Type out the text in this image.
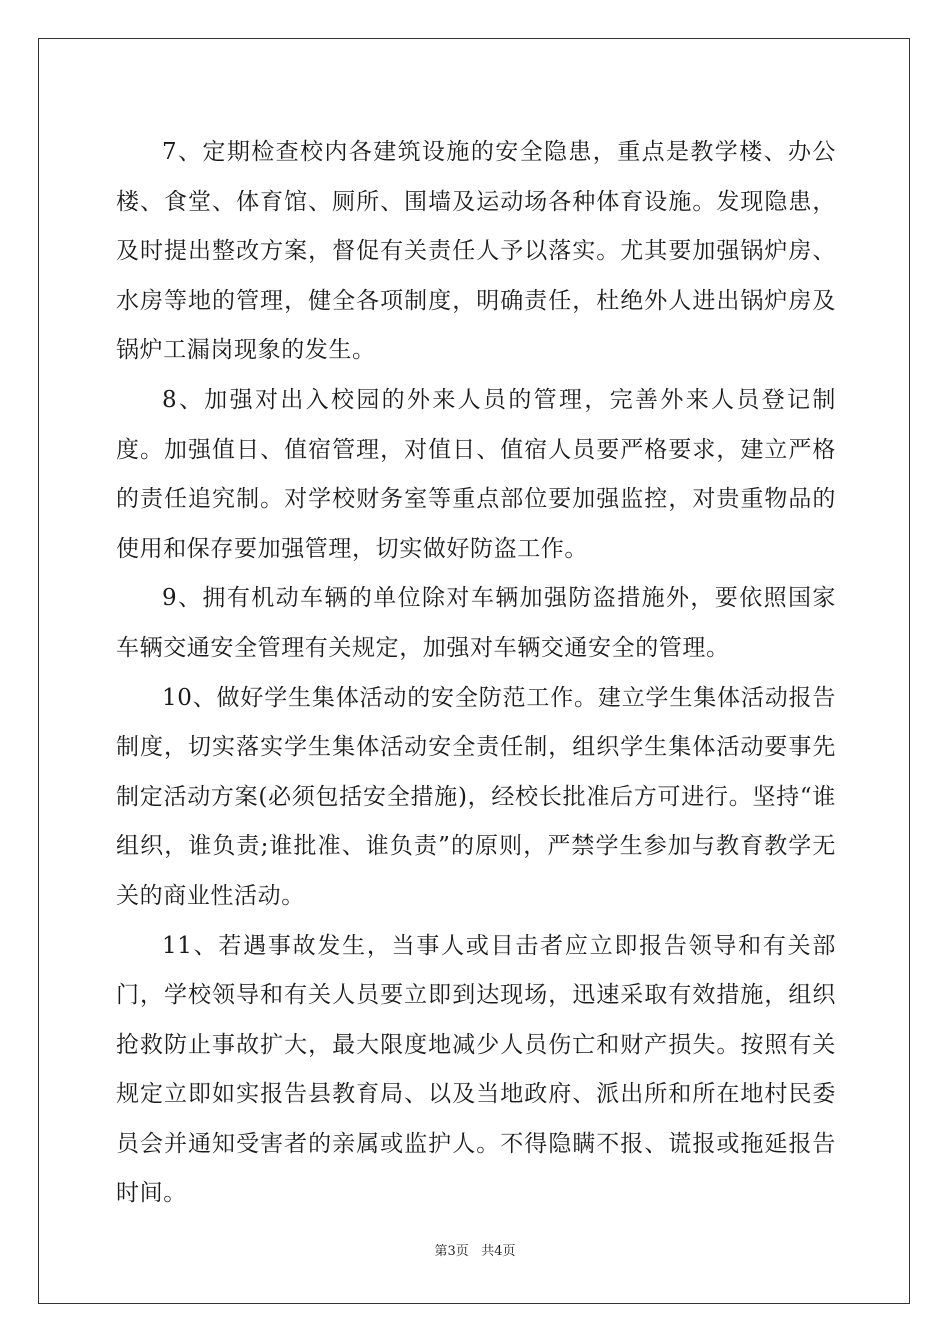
7、定期检查校内各建筑设施的安全隐患，重点是教学楼、办公楼、食堂、体育馆、厕所、围墙及运动场各种体育设施。发现隐患，及时提出整改方案，督促有关责任人予以落实。尤其要加强锅炉房、水房等地的管理，健全各项制度，明确责任，杜绝外人进出锅炉房及锅炉工漏岗现象的发生。

8、加强对出入校园的外来人员的管理，完善外来人员登记制度。加强值日、值宿管理，对值日、值宿人员要严格要求，建立严格的责任追究制。对学校财务室等重点部位要加强监控，对贵重物品的使用和保存要加强管理，切实做好防盗工作。

9、拥有机动车辆的单位除对车辆加强防盗措施外，要依照国家车辆交通安全管理有关规定，加强对车辆交通安全的管理。

10、做好学生集体活动的安全防范工作。建立学生集体活动报告制度，切实落实学生集体活动安全责任制，组织学生集体活动要事先制定活动方案(必须包括安全措施)，经校长批准后方可进行。坚持“谁组织，谁负责;谁批准、谁负责”的原则，严禁学生参加与教育教学无关的商业性活动。

11、若遇事故发生，当事人或目击者应立即报告领导和有关部门，学校领导和有关人员要立即到达现场，迅速采取有效措施，组织抢救防止事故扩大，最大限度地减少人员伤亡和财产损失。按照有关规定立即如实报告县教育局、以及当地政府、派出所和所在地村民委员会并通知受害者的亲属或监护人。不得隐瞒不报、谎报或拖延报告时间。

第3页 共4页
